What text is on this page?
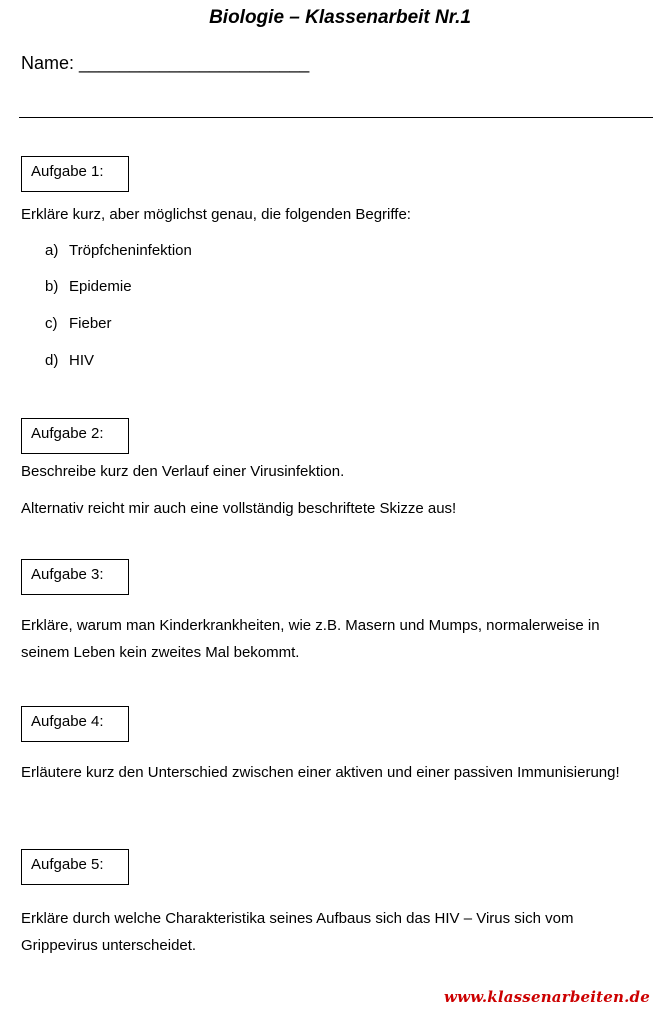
Biologie – Klassenarbeit Nr.1
Name: _______________________
Aufgabe 1:
Erkläre kurz, aber möglichst genau, die folgenden Begriffe:
a) Tröpfcheninfektion
b) Epidemie
c) Fieber
d) HIV
Aufgabe 2:
Beschreibe kurz den Verlauf einer Virusinfektion.
Alternativ reicht mir auch eine vollständig beschriftete Skizze aus!
Aufgabe 3:
Erkläre, warum man Kinderkrankheiten, wie z.B. Masern und Mumps, normalerweise in seinem Leben kein zweites Mal bekommt.
Aufgabe 4:
Erläutere kurz den Unterschied zwischen einer aktiven und einer passiven Immunisierung!
Aufgabe 5:
Erkläre durch welche Charakteristika seines Aufbaus sich das HIV – Virus sich vom Grippevirus unterscheidet.
www.klassenarbeiten.de
